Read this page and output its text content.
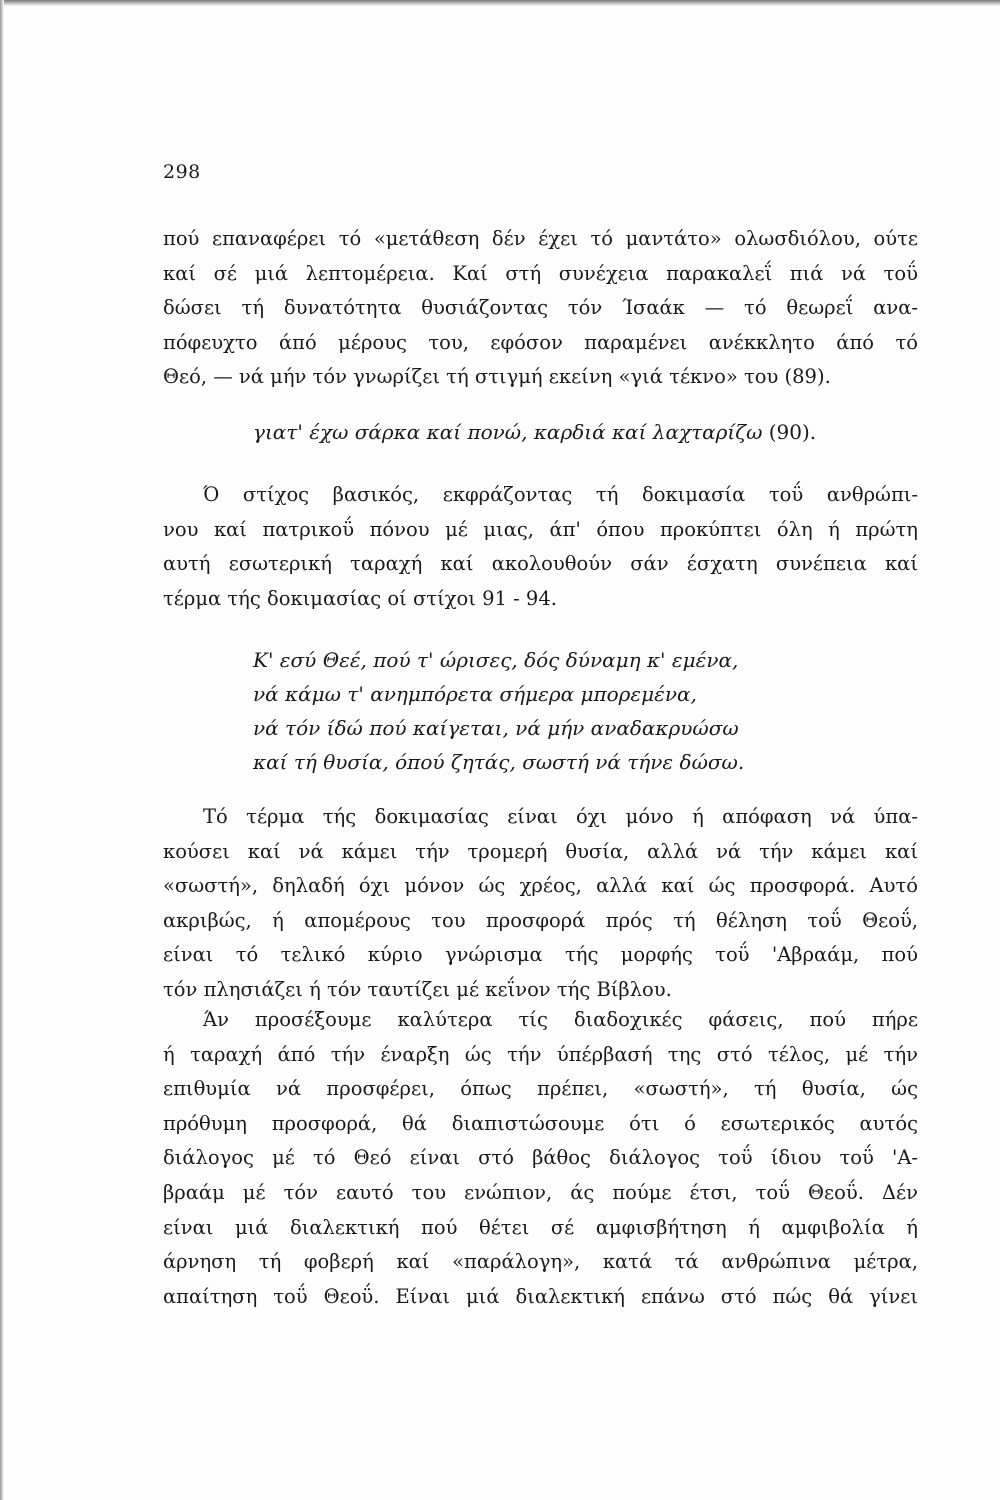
298
πού επαναφέρει τό «μετάθεση δέν έχει τό μαντάτο» ολωσδιόλου, ούτε
καί σέ μιά λεπτομέρεια. Καί στή συνέχεια παρακαλεΐ πιά νά τοΰ
δώσει τή δυνατότητα θυσιάζοντας τόν Ίσαάκ — τό θεωρεΐ ανα-
πόφευχτο άπό μέρους του, εφόσον παραμένει ανέκκλητο άπό τό
Θεό, — νά μήν τόν γνωρίζει τή στιγμή εκείνη «γιά τέκνο» του (89).
γιατ' έχω σάρκα καί πονώ, καρδιά καί λαχταρίζω (90).
Ό στίχος βασικός, εκφράζοντας τή δοκιμασία τοΰ ανθρώπι-
νου καί πατρικοΰ πόνου μέ μιας, άπ' όπου προκύπτει όλη ή πρώτη
αυτή εσωτερική ταραχή καί ακολουθούν σάν έσχατη συνέπεια καί
τέρμα τής δοκιμασίας οί στίχοι 91 - 94.
Κ' εσύ Θεέ, πού τ' ώρισες, δός δύναμη κ' εμένα,
νά κάμω τ' ανημπόρετα σήμερα μπορεμένα,
νά τόν ίδώ πού καίγεται, νά μήν αναδακρυώσω
καί τή θυσία, όπού ζητάς, σωστή νά τήνε δώσω.
Τό τέρμα τής δοκιμασίας είναι όχι μόνο ή απόφαση νά ύπα-
κούσει καί νά κάμει τήν τρομερή θυσία, αλλά νά τήν κάμει καί
«σωστή», δηλαδή όχι μόνον ώς χρέος, αλλά καί ώς προσφορά. Αυτό
ακριβώς, ή απομέρους του προσφορά πρός τή θέληση τοΰ Θεοΰ,
είναι τό τελικό κύριο γνώρισμα τής μορφής τοΰ 'Αβραάμ, πού
τόν πλησιάζει ή τόν ταυτίζει μέ κεΐνον τής Βίβλου.
Άν προσέξουμε καλύτερα τίς διαδοχικές φάσεις, πού πήρε
ή ταραχή άπό τήν έναρξη ώς τήν ύπέρβασή της στό τέλος, μέ τήν
επιθυμία νά προσφέρει, όπως πρέπει, «σωστή», τή θυσία, ώς
πρόθυμη προσφορά, θά διαπιστώσουμε ότι ό εσωτερικός αυτός
διάλογος μέ τό Θεό είναι στό βάθος διάλογος τοΰ ίδιου τοΰ 'Α-
βραάμ μέ τόν εαυτό του ενώπιον, άς πούμε έτσι, τοΰ Θεοΰ. Δέν
είναι μιά διαλεκτική πού θέτει σέ αμφισβήτηση ή αμφιβολία ή
άρνηση τή φοβερή καί «παράλογη», κατά τά ανθρώπινα μέτρα,
απαίτηση τοΰ Θεοΰ. Είναι μιά διαλεκτική επάνω στό πώς θά γίνει
